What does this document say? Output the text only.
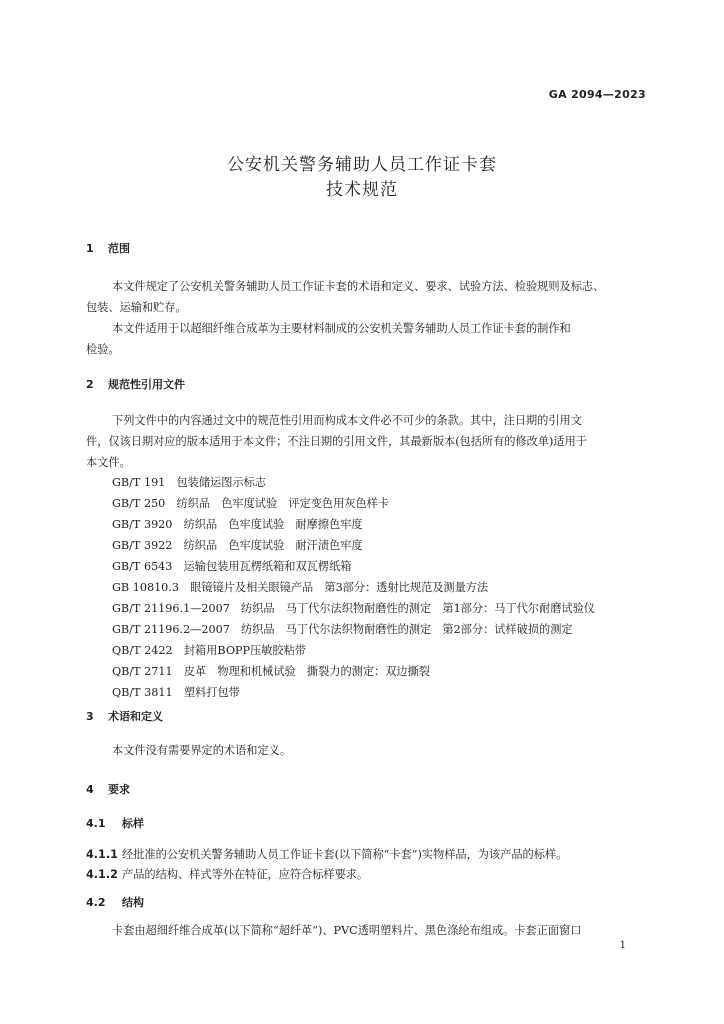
GA 2094—2023
公安机关警务辅助人员工作证卡套
技术规范
1 范围
本文件规定了公安机关警务辅助人员工作证卡套的术语和定义、要求、试验方法、检验规则及标志、
包装、运输和贮存。
本文件适用于以超细纤维合成革为主要材料制成的公安机关警务辅助人员工作证卡套的制作和
检验。
2 规范性引用文件
下列文件中的内容通过文中的规范性引用而构成本文件必不可少的条款。其中，注日期的引用文
件，仅该日期对应的版本适用于本文件；不注日期的引用文件，其最新版本(包括所有的修改单)适用于
本文件。
GB/T 191　包装储运图示标志
GB/T 250　纺织品　色牢度试验　评定变色用灰色样卡
GB/T 3920　纺织品　色牢度试验　耐摩擦色牢度
GB/T 3922　纺织品　色牢度试验　耐汗渍色牢度
GB/T 6543　运输包装用瓦楞纸箱和双瓦楞纸箱
GB 10810.3　眼镜镜片及相关眼镜产品　第3部分：透射比规范及测量方法
GB/T 21196.1—2007　纺织品　马丁代尔法织物耐磨性的测定　第1部分：马丁代尔耐磨试验仪
GB/T 21196.2—2007　纺织品　马丁代尔法织物耐磨性的测定　第2部分：试样破损的测定
QB/T 2422　封箱用BOPP压敏胶粘带
QB/T 2711　皮革　物理和机械试验　撕裂力的测定：双边撕裂
QB/T 3811　塑料打包带
3 术语和定义
本文件没有需要界定的术语和定义。
4 要求
4.1 标样
4.1.1 经批准的公安机关警务辅助人员工作证卡套(以下简称“卡套”)实物样品，为该产品的标样。
4.1.2 产品的结构、样式等外在特征，应符合标样要求。
4.2 结构
卡套由超细纤维合成革(以下简称“超纤革”)、PVC透明塑料片、黑色涤纶布组成。卡套正面窗口
1
